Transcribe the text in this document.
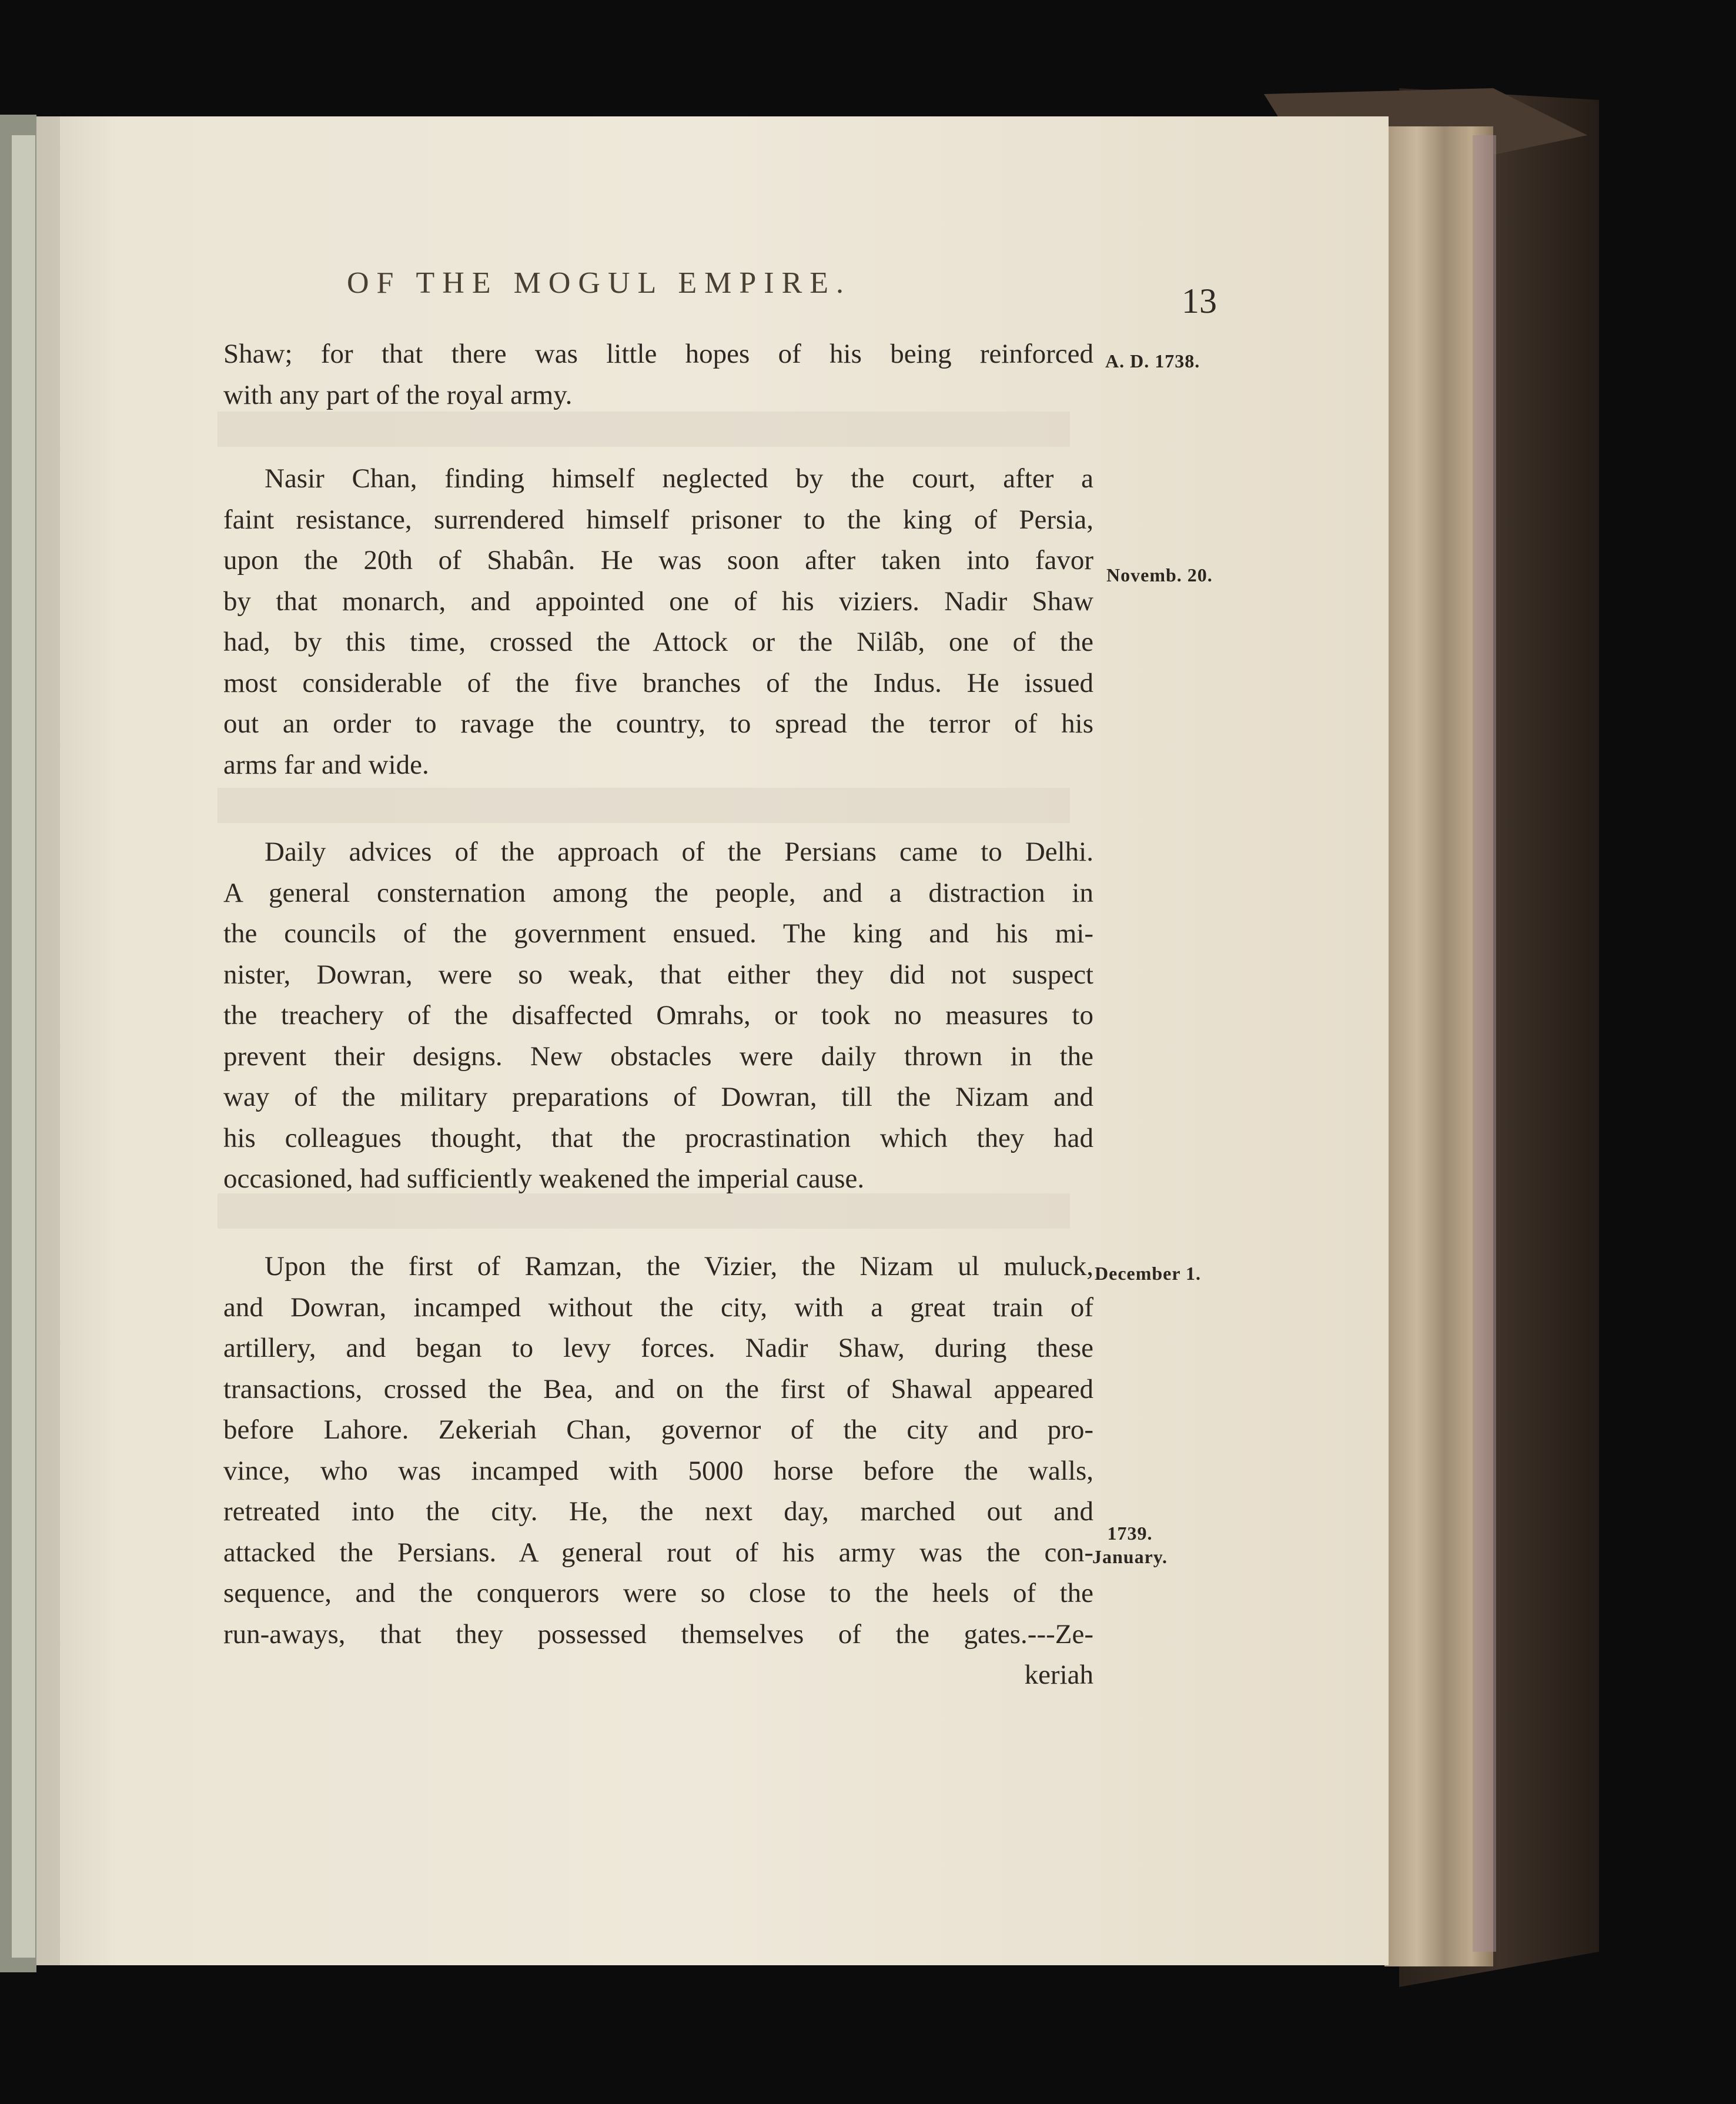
OF THE MOGUL EMPIRE.	13
Shaw; for that there was little hopes of his being reinforced
with any part of the royal army.
Nasir Chan, finding himself neglected by the court, after a
faint resistance, surrendered himself prisoner to the king of Persia,
upon the 20th of Shabân. He was soon after taken into favor
by that monarch, and appointed one of his viziers. Nadir Shaw
had, by this time, crossed the Attock or the Nilâb, one of the
most considerable of the five branches of the Indus. He issued
out an order to ravage the country, to spread the terror of his
arms far and wide.
Daily advices of the approach of the Persians came to Delhi.
A general consternation among the people, and a distraction in
the councils of the government ensued. The king and his mi-
nister, Dowran, were so weak, that either they did not suspect
the treachery of the disaffected Omrahs, or took no measures to
prevent their designs. New obstacles were daily thrown in the
way of the military preparations of Dowran, till the Nizam and
his colleagues thought, that the procrastination which they had
occasioned, had sufficiently weakened the imperial cause.
Upon the first of Ramzan, the Vizier, the Nizam ul muluck,
and Dowran, incamped without the city, with a great train of
artillery, and began to levy forces. Nadir Shaw, during these
transactions, crossed the Bea, and on the first of Shawal appeared
before Lahore. Zekeriah Chan, governor of the city and pro-
vince, who was incamped with 5000 horse before the walls,
retreated into the city. He, the next day, marched out and
attacked the Persians. A general rout of his army was the con-
sequence, and the conquerors were so close to the heels of the
run-aways, that they possessed themselves of the gates.---Ze-
keriah
A. D. 1738.
Novemb. 20.
December 1.
1739.
January.
